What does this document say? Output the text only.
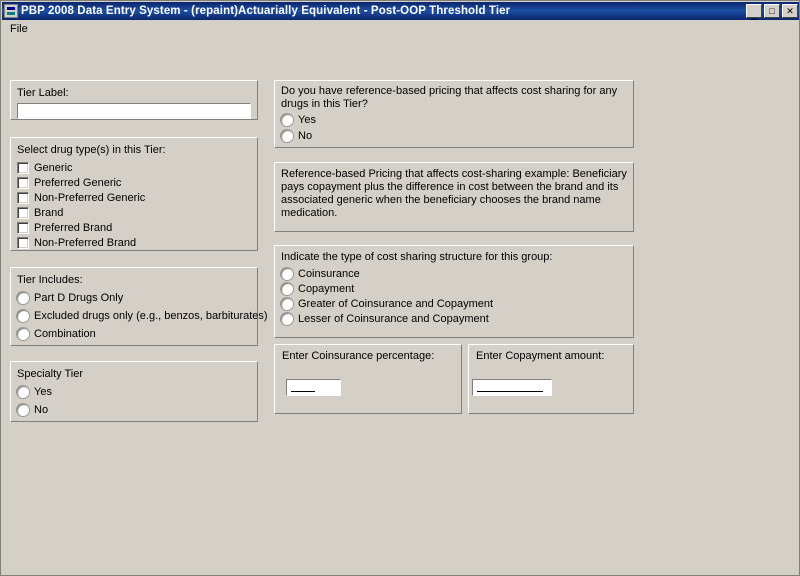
PBP 2008 Data Entry System - (repaint)Actuarially Equivalent - Post-OOP Threshold Tier	_	□	✕
File
Tier Label:
Select drug type(s) in this Tier:
Generic
Preferred Generic
Non-Preferred Generic
Brand
Preferred Brand
Non-Preferred Brand
Tier Includes:
Part D Drugs Only
Excluded drugs only (e.g., benzos, barbiturates)
Combination
Specialty Tier
Yes
No
Do you have reference-based pricing that affects cost sharing for any drugs in this Tier?
Yes
No
Reference-based Pricing that affects cost-sharing example: Beneficiary pays copayment plus the difference in cost between the brand and its associated generic when the beneficiary chooses the brand name medication.
Indicate the type of cost sharing structure for this group:
Coinsurance
Copayment
Greater of Coinsurance and Copayment
Lesser of Coinsurance and Copayment
Enter Coinsurance percentage:	Enter Copayment amount:
